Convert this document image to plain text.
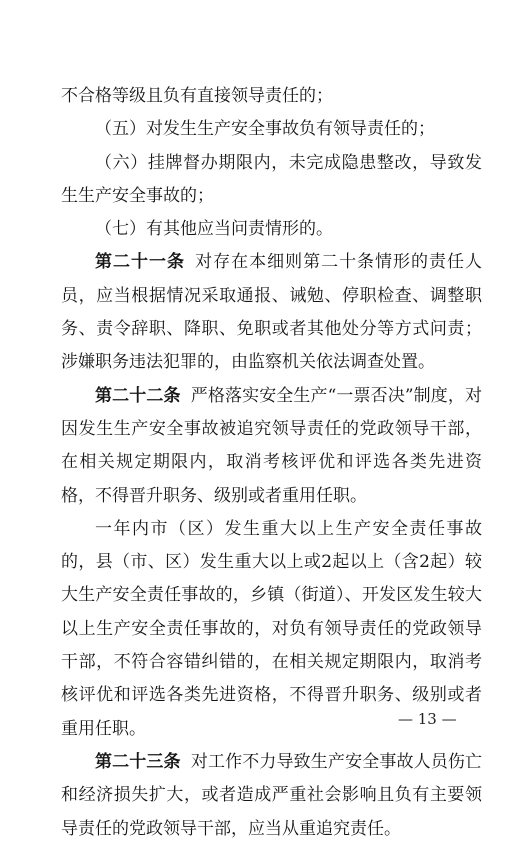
不合格等级且负有直接领导责任的；

（五）对发生生产安全事故负有领导责任的；

（六）挂牌督办期限内，未完成隐患整改，导致发生生产安全事故的；

（七）有其他应当问责情形的。

第二十一条 对存在本细则第二十条情形的责任人员，应当根据情况采取通报、诫勉、停职检查、调整职务、责令辞职、降职、免职或者其他处分等方式问责；涉嫌职务违法犯罪的，由监察机关依法调查处置。

第二十二条 严格落实安全生产“一票否决”制度，对因发生生产安全事故被追究领导责任的党政领导干部，在相关规定期限内，取消考核评优和评选各类先进资格，不得晋升职务、级别或者重用任职。

一年内市（区）发生重大以上生产安全责任事故的，县（市、区）发生重大以上或2起以上（含2起）较大生产安全责任事故的，乡镇（街道）、开发区发生较大以上生产安全责任事故的，对负有领导责任的党政领导干部，不符合容错纠错的，在相关规定期限内，取消考核评优和评选各类先进资格，不得晋升职务、级别或者重用任职。

第二十三条 对工作不力导致生产安全事故人员伤亡和经济损失扩大，或者造成严重社会影响且负有主要领导责任的党政领导干部，应当从重追究责任。

— 13 —
